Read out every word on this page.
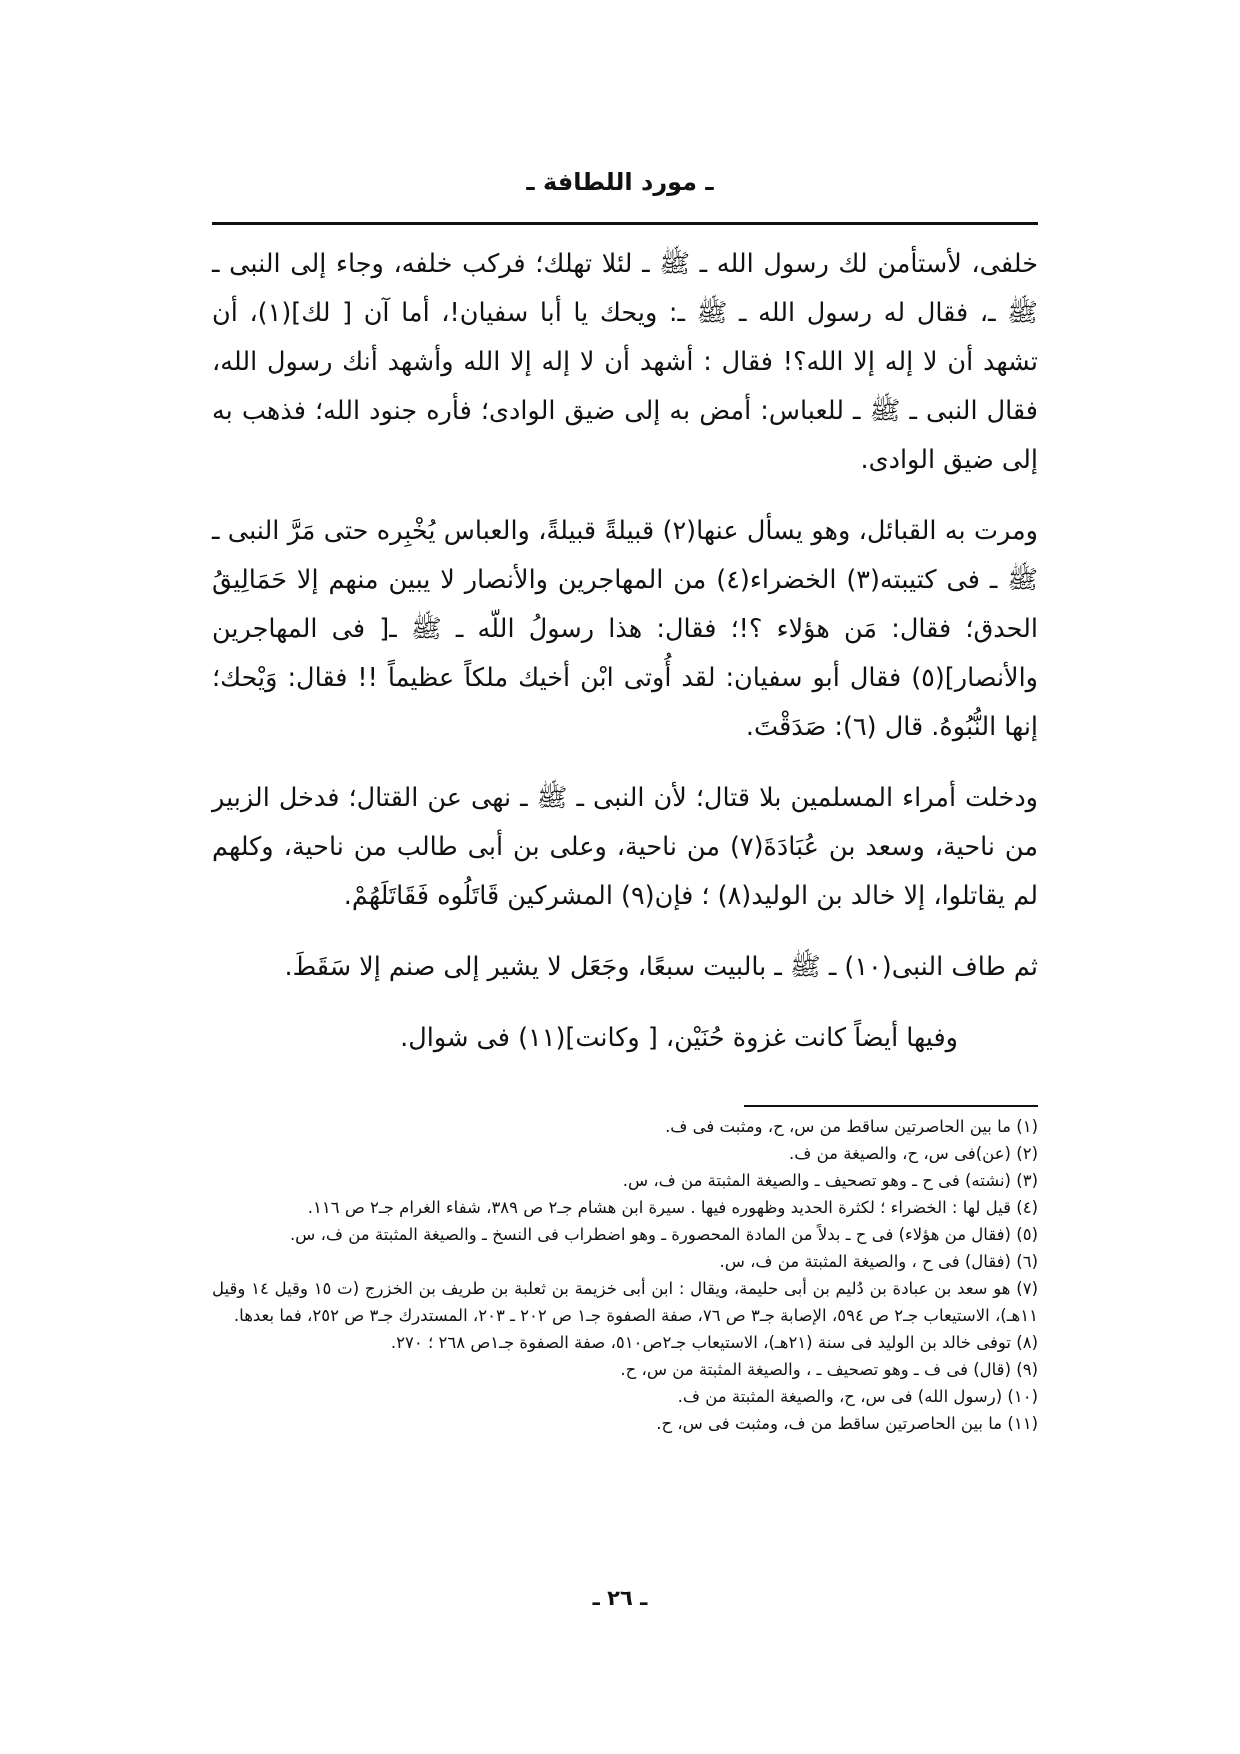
ـ مورد اللطافة ـ

خلفى، لأستأمن لك رسول الله ـ ﷺ ـ لئلا تهلك؛ فركب خلفه، وجاء إلى النبى ـ ﷺ ـ، فقال له رسول الله ـ ﷺ ـ: ويحك يا أبا سفيان!، أما آن [ لك](١)، أن تشهد أن لا إله إلا الله؟! فقال : أشهد أن لا إله إلا الله وأشهد أنك رسول الله، فقال النبى ـ ﷺ ـ للعباس: أمض به إلى ضيق الوادى؛ فأره جنود الله؛ فذهب به إلى ضيق الوادى.

ومرت به القبائل، وهو يسأل عنها(٢) قبيلةً قبيلةً، والعباس يُخْبِره حتى مَرَّ النبى ـ ﷺ ـ فى كتيبته(٣) الخضراء(٤) من المهاجرين والأنصار لا يبين منهم إلا حَمَالِيقُ الحدق؛ فقال: مَن هؤلاء ؟!؛ فقال: هذا رسولُ اللّه ـ ﷺ ـ[ فى المهاجرين والأنصار](٥) فقال أبو سفيان: لقد أُوتى ابْن أخيك ملكاً عظيماً !! فقال: وَيْحك؛ إنها النُّبُوهُ. قال (٦): صَدَقْتَ.

ودخلت أمراء المسلمين بلا قتال؛ لأن النبى ـ ﷺ ـ نهى عن القتال؛ فدخل الزبير من ناحية، وسعد بن عُبَادَةَ(٧) من ناحية، وعلى بن أبى طالب من ناحية، وكلهم لم يقاتلوا، إلا خالد بن الوليد(٨) ؛ فإن(٩) المشركين قَاتَلُوه فَقَاتَلَهُمْ.

ثم طاف النبى(١٠) ـ ﷺ ـ بالبيت سبعًا، وجَعَل لا يشير إلى صنم إلا سَقَطَ.

وفيها أيضاً كانت غزوة حُنَيْن، [ وكانت](١١) فى شوال.

(١) ما بين الحاصرتين ساقط من س، ح، ومثبت فى ف.

(٢) (عن)فى س، ح، والصيغة من ف.

(٣) (نشته) فى ح ـ وهو تصحيف ـ والصيغة المثبتة من ف، س.

(٤) قيل لها : الخضراء ؛ لكثرة الحديد وظهوره فيها . سيرة ابن هشام جـ٢ ص ٣٨٩، شفاء الغرام جـ٢ ص ١١٦.

(٥) (فقال من هؤلاء) فى ح ـ بدلاً من المادة المحصورة ـ وهو اضطراب فى النسخ ـ والصيغة المثبتة من ف، س.

(٦) (فقال) فى ح ، والصيغة المثبتة من ف، س.

(٧) هو سعد بن عبادة بن دُليم بن أبى حليمة، ويقال : ابن أبى خزيمة بن ثعلبة بن طريف بن الخزرج (ت ١٥ وقيل ١٤ وقيل ١١هـ)، الاستيعاب جـ٢ ص ٥٩٤، الإصابة جـ٣ ص ٧٦، صفة الصفوة جـ١ ص ٢٠٢ ـ ٢٠٣، المستدرك جـ٣ ص ٢٥٢، فما بعدها.

(٨) توفى خالد بن الوليد فى سنة (٢١هـ)، الاستيعاب جـ٢ص٥١٠، صفة الصفوة جـ١ص ٢٦٨ ؛ ٢٧٠.

(٩) (قال) فى ف ـ وهو تصحيف ـ ، والصيغة المثبتة من س، ح.

(١٠) (رسول الله) فى س، ح، والصيغة المثبتة من ف.

(١١) ما بين الحاصرتين ساقط من ف، ومثبت فى س، ح.

ـ ٢٦ ـ
